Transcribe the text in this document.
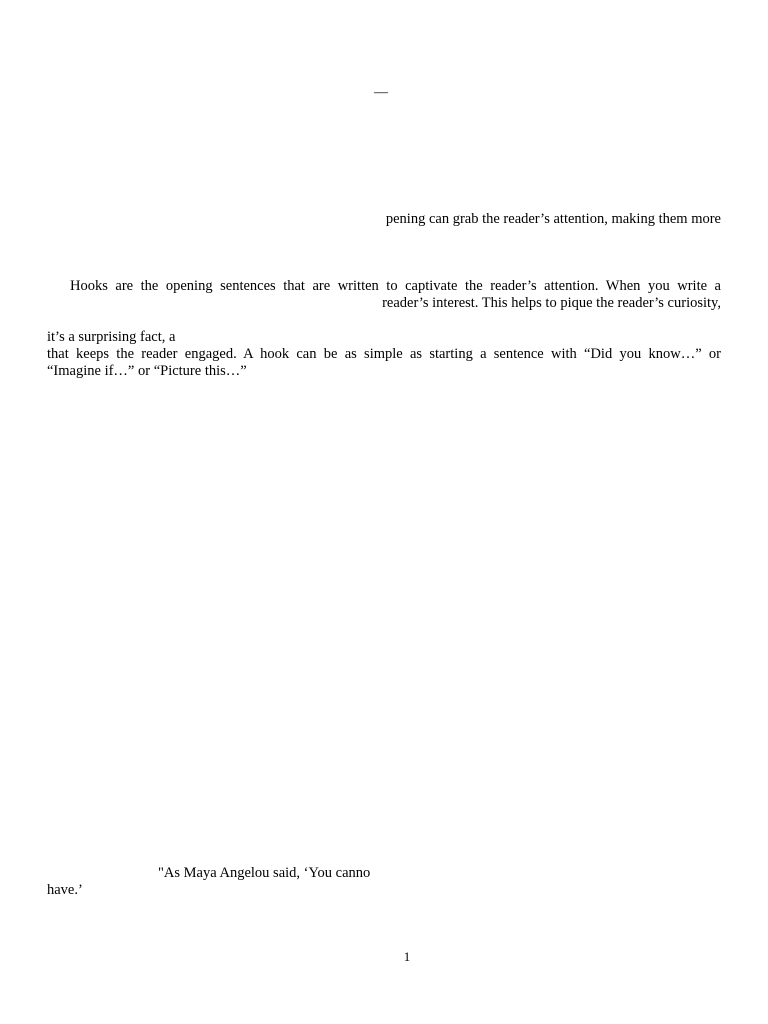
—
pening can grab the reader’s attention, making them more
Hooks are the opening sentences that are written to captivate the reader’s attention. When you write a
reader’s interest. This helps to pique the reader’s curiosity,
it’s a surprising fact, a
that keeps the reader engaged. A hook can be as simple as starting a sentence with “Did you know…” or
“Imagine if…” or “Picture this…”
"As Maya Angelou said, ‘You canno
have.’
1
